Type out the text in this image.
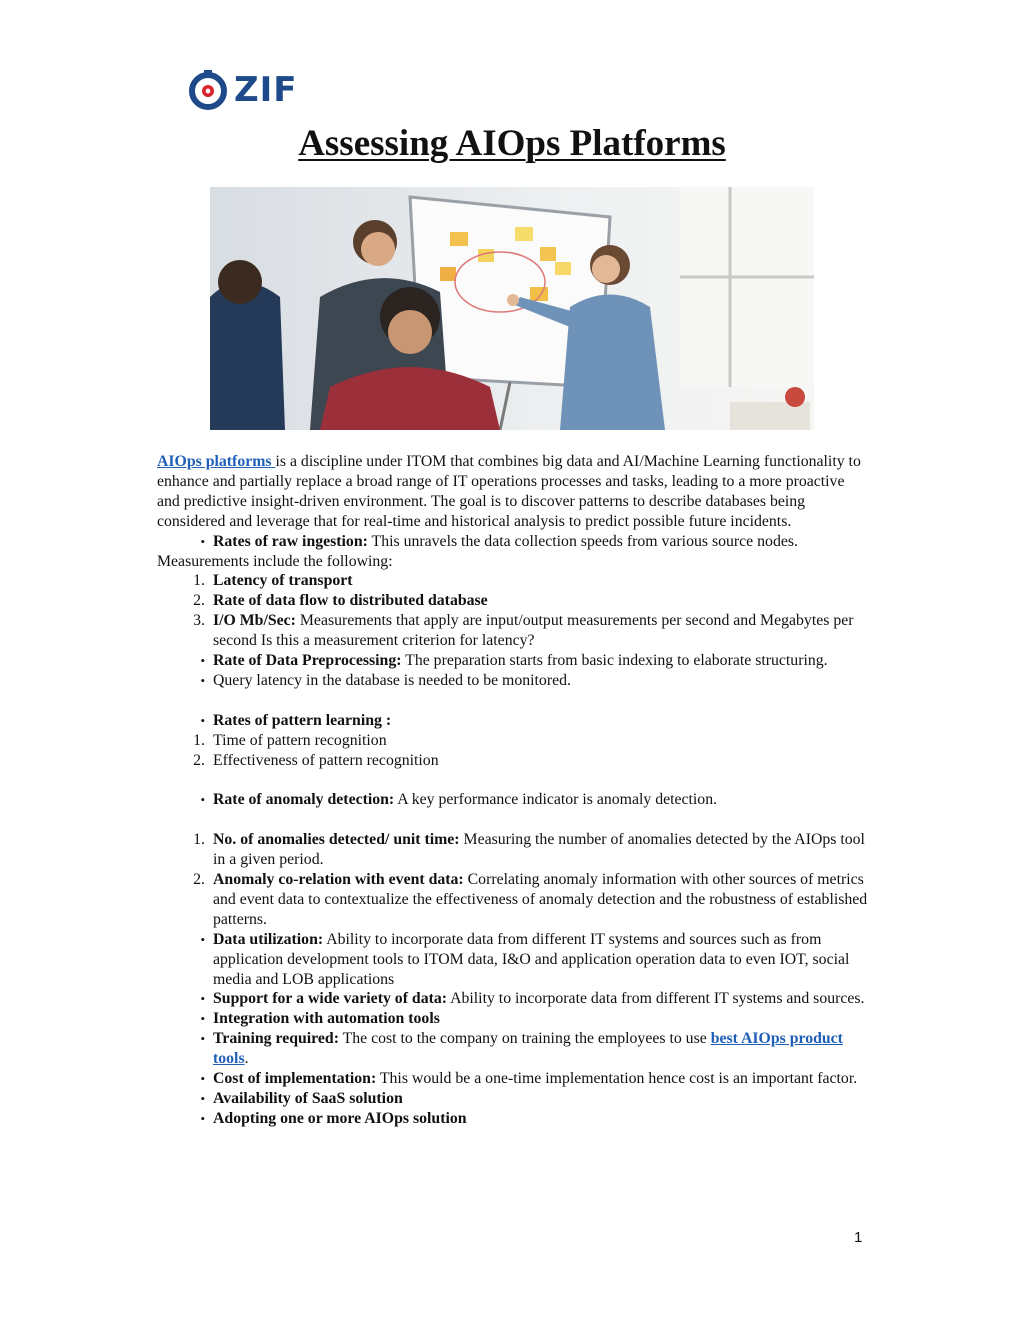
ZIF
Assessing AIOps Platforms

AIOps platforms is a discipline under ITOM that combines big data and AI/Machine Learning functionality to enhance and partially replace a broad range of IT operations processes and tasks, leading to a more proactive and predictive insight-driven environment. The goal is to discover patterns to describe databases being considered and leverage that for real-time and historical analysis to predict possible future incidents.

• Rates of raw ingestion: This unravels the data collection speeds from various source nodes.

Measurements include the following:

1. Latency of transport
2. Rate of data flow to distributed database
3. I/O Mb/Sec: Measurements that apply are input/output measurements per second and Megabytes per second Is this a measurement criterion for latency?
• Rate of Data Preprocessing: The preparation starts from basic indexing to elaborate structuring.
• Query latency in the database is needed to be monitored.
• Rates of pattern learning :
1. Time of pattern recognition
2. Effectiveness of pattern recognition
• Rate of anomaly detection: A key performance indicator is anomaly detection.
1. No. of anomalies detected/ unit time: Measuring the number of anomalies detected by the AIOps tool in a given period.
2. Anomaly co-relation with event data: Correlating anomaly information with other sources of metrics and event data to contextualize the effectiveness of anomaly detection and the robustness of established patterns.
• Data utilization: Ability to incorporate data from different IT systems and sources such as from application development tools to ITOM data, I&O and application operation data to even IOT, social media and LOB applications
• Support for a wide variety of data: Ability to incorporate data from different IT systems and sources.
• Integration with automation tools
• Training required: The cost to the company on training the employees to use best AIOps product tools.
• Cost of implementation: This would be a one-time implementation hence cost is an important factor.
• Availability of SaaS solution
• Adopting one or more AIOps solution
1
